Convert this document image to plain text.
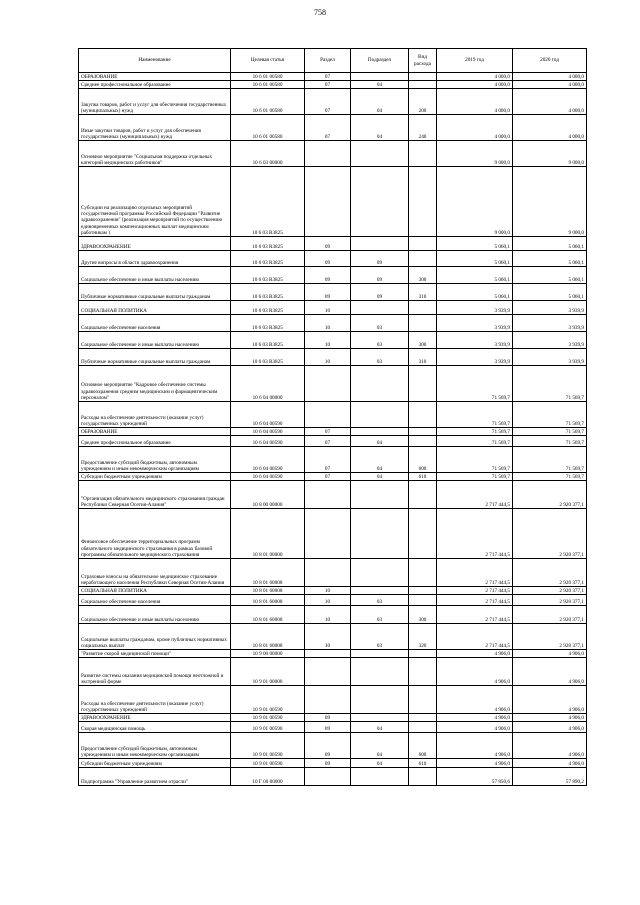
758
Наименование	Целевая статья	Раздел	Подраздел	Вид расхода	2019 год	2020 год
ОБРАЗОВАНИЕ	10 6 01 00580	07			4 000,0	4 000,0
Среднее профессиональное образование	10 6 01 00580	07	04		4 000,0	4 000,0
Закупка товаров, работ и услуг для обеспечения государственных (муниципальных) нужд	10 6 01 00580	07	04	200	4 000,0	4 000,0
Иные закупки товаров, работ и услуг для обеспечения государственных (муниципальных) нужд	10 6 01 00580	07	04	240	4 000,0	4 000,0
Основное мероприятие "Социальная поддержка отдельных категорий медицинских работников"	10 6 03 00000				9 000,0	9 000,0
Субсидии на реализацию отдельных мероприятий государственной программы Российской Федерации "Развитие здравоохранения" (реализация мероприятий по осуществлению единовременных компенсационных выплат медицинским работникам )	10 6 03 R3825				9 000,0	9 000,0
ЗДРАВООХРАНЕНИЕ	10 6 03 R3825	09			5 060,1	5 060,1
Другие вопросы в области здравоохранения	10 6 03 R3825	09	09		5 060,1	5 060,1
Социальное обеспечение и иные выплаты населению	10 6 03 R3825	09	09	300	5 060,1	5 060,1
Публичные нормативные социальные выплаты гражданам	10 6 03 R3825	09	09	310	5 060,1	5 060,1
СОЦИАЛЬНАЯ ПОЛИТИКА	10 6 03 R3825	10			3 939,9	3 939,9
Социальное обеспечение населения	10 6 03 R3825	10	03		3 939,9	3 939,9
Социальное обеспечение и иные выплаты населению	10 6 03 R3825	10	03	300	3 939,9	3 939,9
Публичные нормативные социальные выплаты гражданам	10 6 03 R3825	10	03	310	3 939,9	3 939,9
Основное мероприятие "Кадровое обеспечение системы здравоохранения средним медицинским и фармацевтическим персоналом"	10 6 04 00000				71 569,7	71 569,7
Расходы на обеспечение деятельности (оказание услуг) государственных учреждений	10 6 04 00590				71 569,7	71 569,7
ОБРАЗОВАНИЕ	10 6 04 00590	07			71 569,7	71 569,7
Среднее профессиональное образование	10 6 04 00590	07	04		71 569,7	71 569,7
Предоставление субсидий бюджетным, автономным учреждениям и иным некоммерческим организациям	10 6 04 00590	07	04	600	71 569,7	71 569,7
Субсидии бюджетным учреждениям	10 6 04 00590	07	04	610	71 569,7	71 569,7
"Организация обязательного медицинского страхования граждан Республики Северная Осетия-Алания"	10 8 00 00000				2 717 444,5	2 920 377,1
Финансовое обеспечение территориальных программ обязательного медицинского страхования в рамках базовой программы обязательного медицинского страхования	10 8 01 00000				2 717 444,5	2 920 377,1
Страховые взносы на обязательное медицинское страхование неработающего населения Республики Северная Осетия-Алания	10 8 01 60008				2 717 444,5	2 920 377,1
СОЦИАЛЬНАЯ ПОЛИТИКА	10 8 01 60008	10			2 717 444,5	2 920 377,1
Социальное обеспечение населения	10 8 01 60008	10	03		2 717 444,5	2 920 377,1
Социальное обеспечение и иные выплаты населению	10 8 01 60008	10	03	300	2 717 444,5	2 920 377,1
Социальные выплаты гражданам, кроме публичных нормативных социальных выплат	10 8 01 60008	10	03	320	2 717 444,5	2 920 377,1
"Развитие скорой медицинской помощи"	10 9 00 00000				4 906,0	4 906,0
Развитие системы оказания медицинской помощи неотложной и экстренной форме	10 9 01 00000				4 906,0	4 906,0
Расходы на обеспечение деятельности (оказание услуг) государственных учреждений	10 9 01 00590				4 906,0	4 906,0
ЗДРАВООХРАНЕНИЕ	10 9 01 00590	09			4 906,0	4 906,0
Скорая медицинская помощь	10 9 01 00590	09	04		4 906,0	4 906,0
Предоставление субсидий бюджетным, автономным учреждениям и иным некоммерческим организациям	10 9 01 00590	09	04	600	4 906,0	4 906,0
Субсидии бюджетным учреждениям	10 9 01 00590	09	04	610	4 906,0	4 906,0
Подпрограмма "Управление развитием отрасли"	10 Г 00 00000				57 850,6	57 890,2
